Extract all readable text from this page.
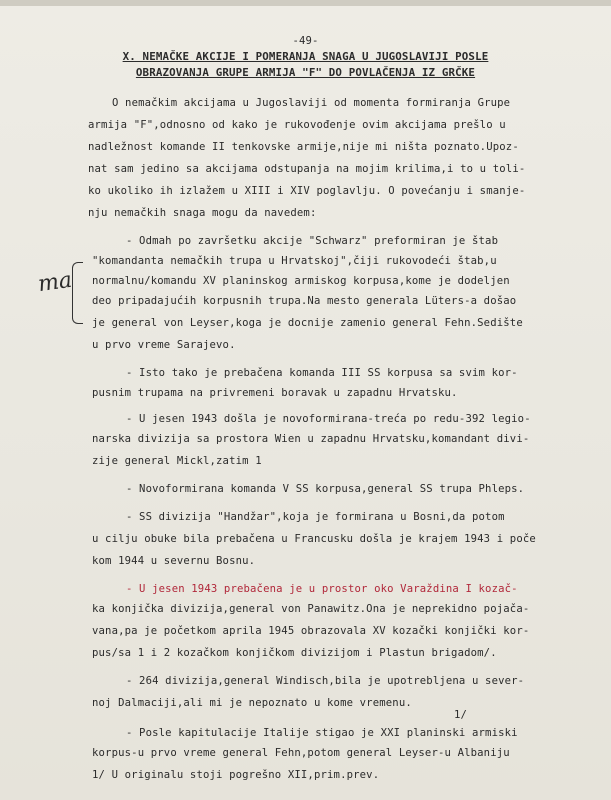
-49-
X. NEMAČKE AKCIJE I POMERANJA SNAGA U JUGOSLAVIJI POSLE
OBRAZOVANJA GRUPE ARMIJA "F" DO POVLAČENJA IZ GRČKE
O nemačkim akcijama u Jugoslaviji od momenta formiranja Grupe
armija "F",odnosno od kako je rukovođenje ovim akcijama prešlo u
nadležnost komande II tenkovske armije,nije mi ništa poznato.Upoz-
nat sam jedino sa akcijama odstupanja na mojim krilima,i to u toli-
ko ukoliko ih izlažem u XIII i XIV poglavlju. O povećanju i smanje-
nju nemačkih snaga mogu da navedem:
- Odmah po završetku akcije "Schwarz" preformiran je štab
"komandanta nemačkih trupa u Hrvatskoj",čiji rukovodeći štab,u
normalnu/komandu XV planinskog armiskog korpusa,kome je dodeljen
deo pripadajućih korpusnih trupa.Na mesto generala Lüters-a došao
je general von Leyser,koga je docnije zamenio general Fehn.Sedište
u prvo vreme Sarajevo.
- Isto tako je prebačena komanda III SS korpusa sa svim kor-
pusnim trupama na privremeni boravak u zapadnu Hrvatsku.
- U jesen 1943 došla je novoformirana-treća po redu-392 legio-
narska divizija sa prostora Wien u zapadnu Hrvatsku,komandant divi-
zije general Mickl,zatim 1
- Novoformirana komanda V SS korpusa,general SS trupa Phleps.
- SS divizija "Handžar",koja je formirana u Bosni,da potom
u cilju obuke bila prebačena u Francusku došla je krajem 1943 i poče
kom 1944 u severnu Bosnu.
- U jesen 1943 prebačena je u prostor oko Varaždina I kozač-
ka konjička divizija,general von Panawitz.Ona je neprekidno pojača-
vana,pa je početkom aprila 1945 obrazovala XV kozački konjički kor-
pus/sa 1 i 2 kozačkom konjičkom divizijom i Plastun brigadom/.
- 264 divizija,general Windisch,bila je upotrebljena u sever-
noj Dalmaciji,ali mi je nepoznato u kome vremenu.
- Posle kapitulacije Italije stigao je XXI planinski armiski
korpus-u prvo vreme general Fehn,potom general Leyser-u Albaniju
1/
1/ U originalu stoji pogrešno XII,prim.prev.
ma
